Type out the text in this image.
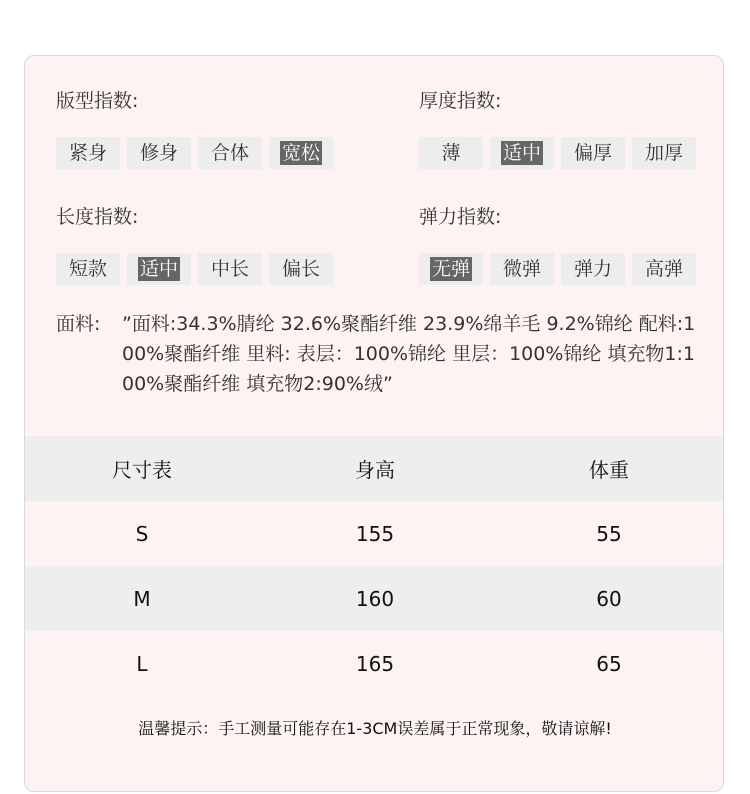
版型指数:
紧身 修身 合体 宽松
厚度指数:
薄 适中 偏厚 加厚
长度指数:
短款 适中 中长 偏长
弹力指数:
无弹 微弹 弹力 高弹
面料: ”面料:34.3%腈纶 32.6%聚酯纤维 23.9%绵羊毛 9.2%锦纶 配料:100%聚酯纤维 里料: 表层：100%锦纶 里层：100%锦纶 填充物1:100%聚酯纤维 填充物2:90%绒”
尺寸表	身高	体重
S	155	55
M	160	60
L	165	65
温馨提示：手工测量可能存在1-3CM误差属于正常现象，敬请谅解!
